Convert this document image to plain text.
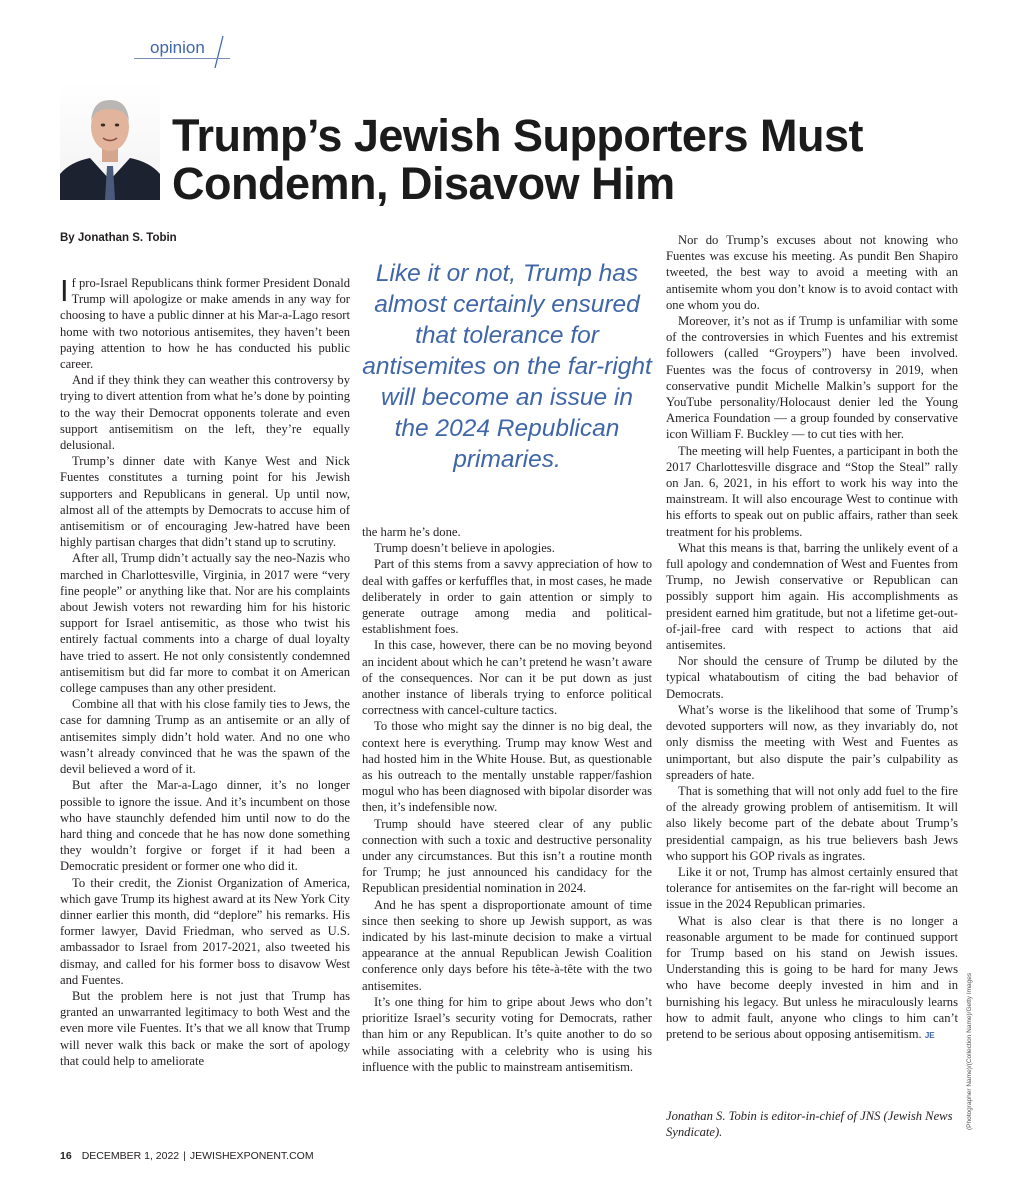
opinion
Trump’s Jewish Supporters Must Condemn, Disavow Him
By Jonathan S. Tobin

If pro-Israel Republicans think former President Donald Trump will apologize or make amends in any way for choosing to have a public dinner at his Mar-a-Lago resort home with two notorious antisemites, they haven’t been paying attention to how he has conducted his public career.

And if they think they can weather this controversy by trying to divert attention from what he’s done by pointing to the way their Democrat opponents tolerate and even support antisemitism on the left, they’re equally delusional.

Trump’s dinner date with Kanye West and Nick Fuentes constitutes a turning point for his Jewish supporters and Republicans in general. Up until now, almost all of the attempts by Democrats to accuse him of antisemitism or of encouraging Jew-hatred have been highly partisan charges that didn’t stand up to scrutiny.

After all, Trump didn’t actually say the neo-Nazis who marched in Charlottesville, Virginia, in 2017 were “very fine people” or anything like that. Nor are his complaints about Jewish voters not rewarding him for his historic support for Israel antisemitic, as those who twist his entirely factual comments into a charge of dual loyalty have tried to assert. He not only consistently condemned antisemitism but did far more to combat it on American college campuses than any other president.

Combine all that with his close family ties to Jews, the case for damning Trump as an antisemite or an ally of antisemites simply didn’t hold water. And no one who wasn’t already convinced that he was the spawn of the devil believed a word of it.

But after the Mar-a-Lago dinner, it’s no longer possible to ignore the issue. And it’s incumbent on those who have staunchly defended him until now to do the hard thing and concede that he has now done something they wouldn’t forgive or forget if it had been a Democratic president or former one who did it.

To their credit, the Zionist Organization of America, which gave Trump its highest award at its New York City dinner earlier this month, did “deplore” his remarks. His former lawyer, David Friedman, who served as U.S. ambassador to Israel from 2017-2021, also tweeted his dismay, and called for his former boss to disavow West and Fuentes.

But the problem here is not just that Trump has granted an unwarranted legitimacy to both West and the even more vile Fuentes. It’s that we all know that Trump will never walk this back or make the sort of apology that could help to ameliorate

Like it or not, Trump has almost certainly ensured that tolerance for antisemites on the far-right will become an issue in the 2024 Republican primaries.

the harm he’s done.

Trump doesn’t believe in apologies.

Part of this stems from a savvy appreciation of how to deal with gaffes or kerfuffles that, in most cases, he made deliberately in order to gain attention or simply to generate outrage among media and political-establishment foes.

In this case, however, there can be no moving beyond an incident about which he can’t pretend he wasn’t aware of the consequences. Nor can it be put down as just another instance of liberals trying to enforce political correctness with cancel-culture tactics.

To those who might say the dinner is no big deal, the context here is everything. Trump may know West and had hosted him in the White House. But, as questionable as his outreach to the mentally unstable rapper/fashion mogul who has been diagnosed with bipolar disorder was then, it’s indefensible now.

Trump should have steered clear of any public connection with such a toxic and destructive personality under any circumstances. But this isn’t a routine month for Trump; he just announced his candidacy for the Republican presidential nomination in 2024.

And he has spent a disproportionate amount of time since then seeking to shore up Jewish support, as was indicated by his last-minute decision to make a virtual appearance at the annual Republican Jewish Coalition conference only days before his tête-à-tête with the two antisemites.

It’s one thing for him to gripe about Jews who don’t prioritize Israel’s security voting for Democrats, rather than him or any Republican. It’s quite another to do so while associating with a celebrity who is using his influence with the public to mainstream antisemitism.

Nor do Trump’s excuses about not knowing who Fuentes was excuse his meeting. As pundit Ben Shapiro tweeted, the best way to avoid a meeting with an antisemite whom you don’t know is to avoid contact with one whom you do.

Moreover, it’s not as if Trump is unfamiliar with some of the controversies in which Fuentes and his extremist followers (called “Groypers”) have been involved. Fuentes was the focus of controversy in 2019, when conservative pundit Michelle Malkin’s support for the YouTube personality/Holocaust denier led the Young America Foundation — a group founded by conservative icon William F. Buckley — to cut ties with her.

The meeting will help Fuentes, a participant in both the 2017 Charlottesville disgrace and “Stop the Steal” rally on Jan. 6, 2021, in his effort to work his way into the mainstream. It will also encourage West to continue with his efforts to speak out on public affairs, rather than seek treatment for his problems.

What this means is that, barring the unlikely event of a full apology and condemnation of West and Fuentes from Trump, no Jewish conservative or Republican can possibly support him again. His accomplishments as president earned him gratitude, but not a lifetime get-out-of-jail-free card with respect to actions that aid antisemites.

Nor should the censure of Trump be diluted by the typical whataboutism of citing the bad behavior of Democrats.

What’s worse is the likelihood that some of Trump’s devoted supporters will now, as they invariably do, not only dismiss the meeting with West and Fuentes as unimportant, but also dispute the pair’s culpability as spreaders of hate.

That is something that will not only add fuel to the fire of the already growing problem of antisemitism. It will also likely become part of the debate about Trump’s presidential campaign, as his true believers bash Jews who support his GOP rivals as ingrates.

Like it or not, Trump has almost certainly ensured that tolerance for antisemites on the far-right will become an issue in the 2024 Republican primaries.

What is also clear is that there is no longer a reasonable argument to be made for continued support for Trump based on his stand on Jewish issues. Understanding this is going to be hard for many Jews who have become deeply invested in him and in burnishing his legacy. But unless he miraculously learns how to admit fault, anyone who clings to him can’t pretend to be serious about opposing antisemitism. JE

Jonathan S. Tobin is editor-in-chief of JNS (Jewish News Syndicate).

(Photographer Name)/(Collection Name)/Getty Images
16 DECEMBER 1, 2022 | JEWISHEXPONENT.COM
